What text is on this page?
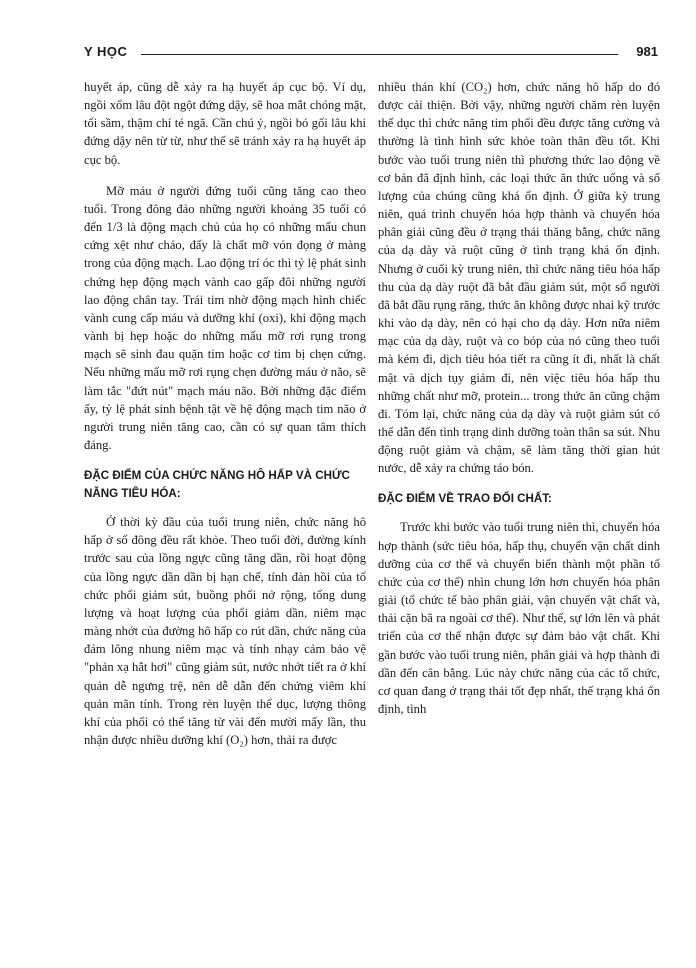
Y HỌC	981

huyết áp, cũng dễ xảy ra hạ huyết áp cục bộ. Ví dụ, ngồi xổm lâu đột ngột đứng dậy, sẽ hoa mắt chóng mặt, tối sầm, thậm chí té ngã. Cần chú ý, ngồi bó gối lâu khi đứng dậy nên từ từ, như thế sẽ tránh xảy ra hạ huyết áp cục bộ.

Mỡ máu ở người đứng tuổi cũng tăng cao theo tuổi. Trong đông đảo những người khoảng 35 tuổi có đến 1/3 là động mạch chủ của họ có những mẩu chun cứng xệt như cháo, đấy là chất mỡ vón đọng ở màng trong của động mạch. Lao động trí óc thì tỷ lệ phát sinh chứng hẹp động mạch vành cao gấp đôi những người lao động chân tay. Trái tim nhờ động mạch hình chiếc vành cung cấp máu và dưỡng khí (oxi), khi động mạch vành bị hẹp hoặc do những mẩu mỡ rơi rụng trong mạch sẽ sinh đau quặn tim hoặc cơ tim bị chẹn cứng. Nếu những mẩu mỡ rơi rụng chẹn đường máu ở não, sẽ làm tắc "đứt nút" mạch máu não. Bởi những đặc điểm ấy, tỷ lệ phát sinh bệnh tật về hệ động mạch tim não ở người trung niên tăng cao, cần có sự quan tâm thích đáng.

ĐẶC ĐIỂM CỦA CHỨC NĂNG HÔ HẤP VÀ CHỨC NĂNG TIÊU HÓA:

Ở thời kỳ đầu của tuổi trung niên, chức năng hô hấp ở số đông đều rất khỏe. Theo tuổi đời, đường kính trước sau của lồng ngực cũng tăng dần, rồi hoạt động của lồng ngực dần dần bị hạn chế, tính đàn hồi của tổ chức phổi giảm sút, buồng phổi nở rộng, tổng dung lượng và hoạt lượng của phổi giảm dần, niêm mạc màng nhớt của đường hô hấp co rút dần, chức năng của đám lông nhung niêm mạc và tính nhạy cảm bảo vệ "phản xạ hắt hơi" cũng giảm sút, nước nhớt tiết ra ở khí quản dễ ngưng trệ, nên dễ dẫn đến chứng viêm khí quản mãn tính. Trong rèn luyện thể dục, lượng thông khí của phổi có thể tăng từ vài đến mười mấy lần, thu nhận được nhiều dưỡng khí (O₂) hơn, thải ra được

nhiều thán khí (CO₂) hơn, chức năng hô hấp do đó được cải thiện. Bởi vậy, những người chăm rèn luyện thể dục thì chức năng tim phổi đều được tăng cường và thường là tình hình sức khỏe toàn thân đều tốt. Khi bước vào tuổi trung niên thì phương thức lao động về cơ bản đã định hình, các loại thức ăn thức uống và số lượng của chúng cũng khá ổn định. Ở giữa kỳ trung niên, quá trình chuyển hóa hợp thành và chuyển hóa phân giải cũng đều ở trạng thái thăng bằng, chức năng của dạ dày và ruột cũng ở tình trạng khá ổn định. Nhưng ở cuối kỳ trung niên, thì chức năng tiêu hóa hấp thu của dạ dày ruột đã bắt đầu giảm sút, một số người đã bắt đầu rụng răng, thức ăn không được nhai kỹ trước khi vào dạ dày, nên có hại cho dạ dày. Hơn nữa niêm mạc của dạ dày, ruột và co bóp của nó cũng theo tuổi mà kém đi, dịch tiêu hóa tiết ra cũng ít đi, nhất là chất mật và dịch tụy giảm đi, nên việc tiêu hóa hấp thu những chất như mỡ, protein... trong thức ăn cũng chậm đi. Tóm lại, chức năng của dạ dày và ruột giảm sút có thể dẫn đến tình trạng dinh dưỡng toàn thân sa sút. Nhu động ruột giảm và chậm, sẽ làm tăng thời gian hút nước, dễ xảy ra chứng táo bón.

ĐẶC ĐIỂM VỀ TRAO ĐỔI CHẤT:

Trước khi bước vào tuổi trung niên thì, chuyển hóa hợp thành (sức tiêu hóa, hấp thụ, chuyển vận chất dinh dưỡng của cơ thể và chuyển biến thành một phần tổ chức của cơ thể) nhìn chung lớn hơn chuyển hóa phân giải (tổ chức tế bào phân giải, vận chuyển vật chất và, thải cặn bã ra ngoài cơ thể). Như thế, sự lớn lên và phát triển của cơ thể nhận được sự đảm bảo vật chất. Khi gần bước vào tuổi trung niên, phân giải và hợp thành đi dần đến cân bằng. Lúc này chức năng của các tổ chức, cơ quan đang ở trạng thái tốt đẹp nhất, thể trạng khá ổn định, tình
